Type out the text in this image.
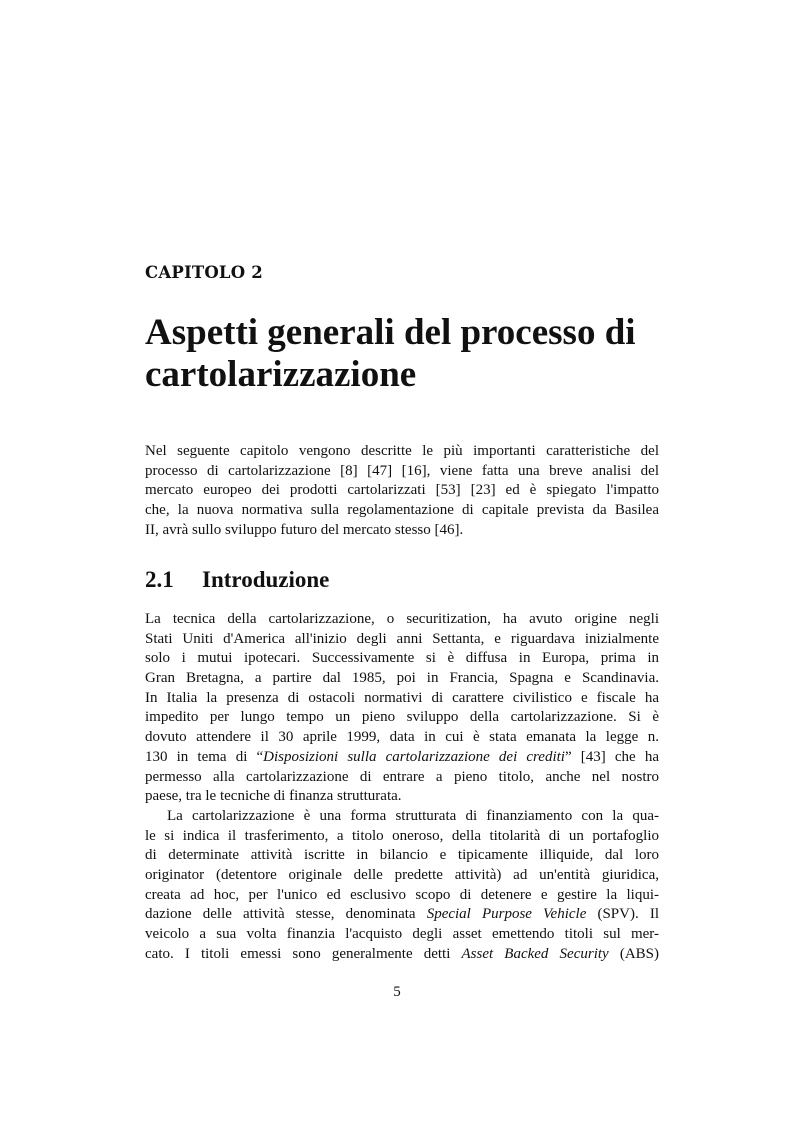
CAPITOLO 2
Aspetti generali del processo di
cartolarizzazione
Nel seguente capitolo vengono descritte le più importanti caratteristiche del
processo di cartolarizzazione [8] [47] [16], viene fatta una breve analisi del
mercato europeo dei prodotti cartolarizzati [53] [23] ed è spiegato l'impatto
che, la nuova normativa sulla regolamentazione di capitale prevista da Basilea
II, avrà sullo sviluppo futuro del mercato stesso [46].
2.1 Introduzione
La tecnica della cartolarizzazione, o securitization, ha avuto origine negli
Stati Uniti d'America all'inizio degli anni Settanta, e riguardava inizialmente
solo i mutui ipotecari. Successivamente si è diffusa in Europa, prima in
Gran Bretagna, a partire dal 1985, poi in Francia, Spagna e Scandinavia.
In Italia la presenza di ostacoli normativi di carattere civilistico e fiscale ha
impedito per lungo tempo un pieno sviluppo della cartolarizzazione. Si è
dovuto attendere il 30 aprile 1999, data in cui è stata emanata la legge n.
130 in tema di “Disposizioni sulla cartolarizzazione dei crediti” [43] che ha
permesso alla cartolarizzazione di entrare a pieno titolo, anche nel nostro
paese, tra le tecniche di finanza strutturata.
La cartolarizzazione è una forma strutturata di finanziamento con la qua-
le si indica il trasferimento, a titolo oneroso, della titolarità di un portafoglio
di determinate attività iscritte in bilancio e tipicamente illiquide, dal loro
originator (detentore originale delle predette attività) ad un'entità giuridica,
creata ad hoc, per l'unico ed esclusivo scopo di detenere e gestire la liqui-
dazione delle attività stesse, denominata Special Purpose Vehicle (SPV). Il
veicolo a sua volta finanzia l'acquisto degli asset emettendo titoli sul mer-
cato. I titoli emessi sono generalmente detti Asset Backed Security (ABS)
5
